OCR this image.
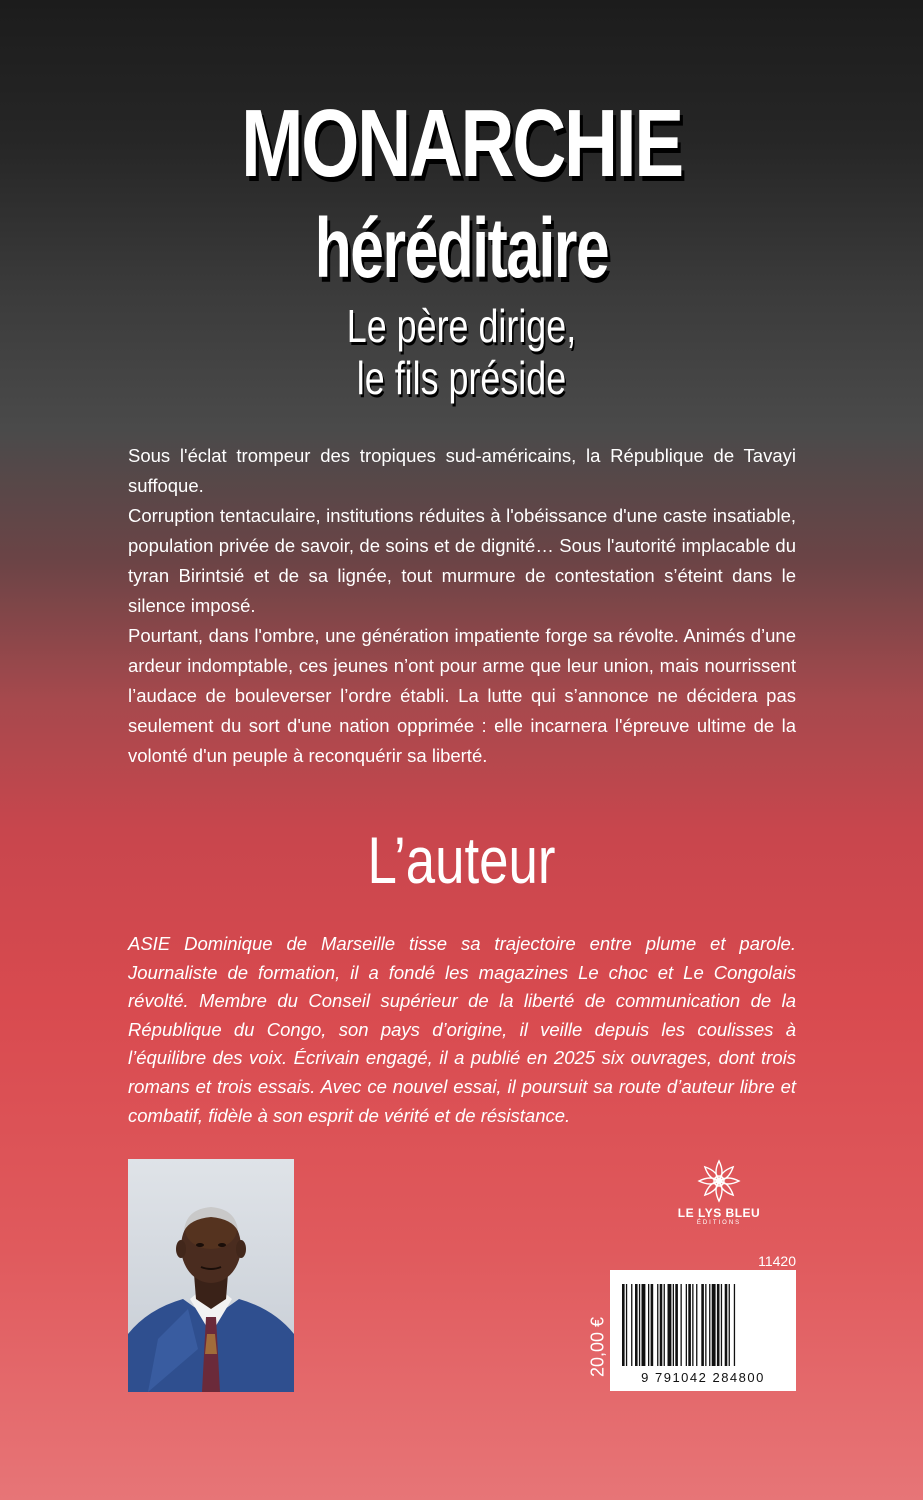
MONARCHIE
héréditaire
Le père dirige,
le fils préside

Sous l'éclat trompeur des tropiques sud-américains, la République de Tavayi suffoque.

Corruption tentaculaire, institutions réduites à l'obéissance d'une caste insatiable, population privée de savoir, de soins et de dignité… Sous l'autorité implacable du tyran Birintsié et de sa lignée, tout murmure de contestation s’éteint dans le silence imposé.

Pourtant, dans l'ombre, une génération impatiente forge sa révolte. Animés d’une ardeur indomptable, ces jeunes n’ont pour arme que leur union, mais nourrissent l’audace de bouleverser l’ordre établi. La lutte qui s’annonce ne décidera pas seulement du sort d'une nation opprimée : elle incarnera l'épreuve ultime de la volonté d'un peuple à reconquérir sa liberté.

L’auteur
ASIE Dominique de Marseille tisse sa trajectoire entre plume et parole. Journaliste de formation, il a fondé les magazines Le choc et Le Congolais révolté. Membre du Conseil supérieur de la liberté de communication de la République du Congo, son pays d’origine, il veille depuis les coulisses à l’équilibre des voix. Écrivain engagé, il a publié en 2025 six ouvrages, dont trois romans et trois essais. Avec ce nouvel essai, il poursuit sa route d’auteur libre et combatif, fidèle à son esprit de vérité et de résistance.
LE LYS BLEU
ÉDITIONS
11420
20,00 €
9 791042 284800
